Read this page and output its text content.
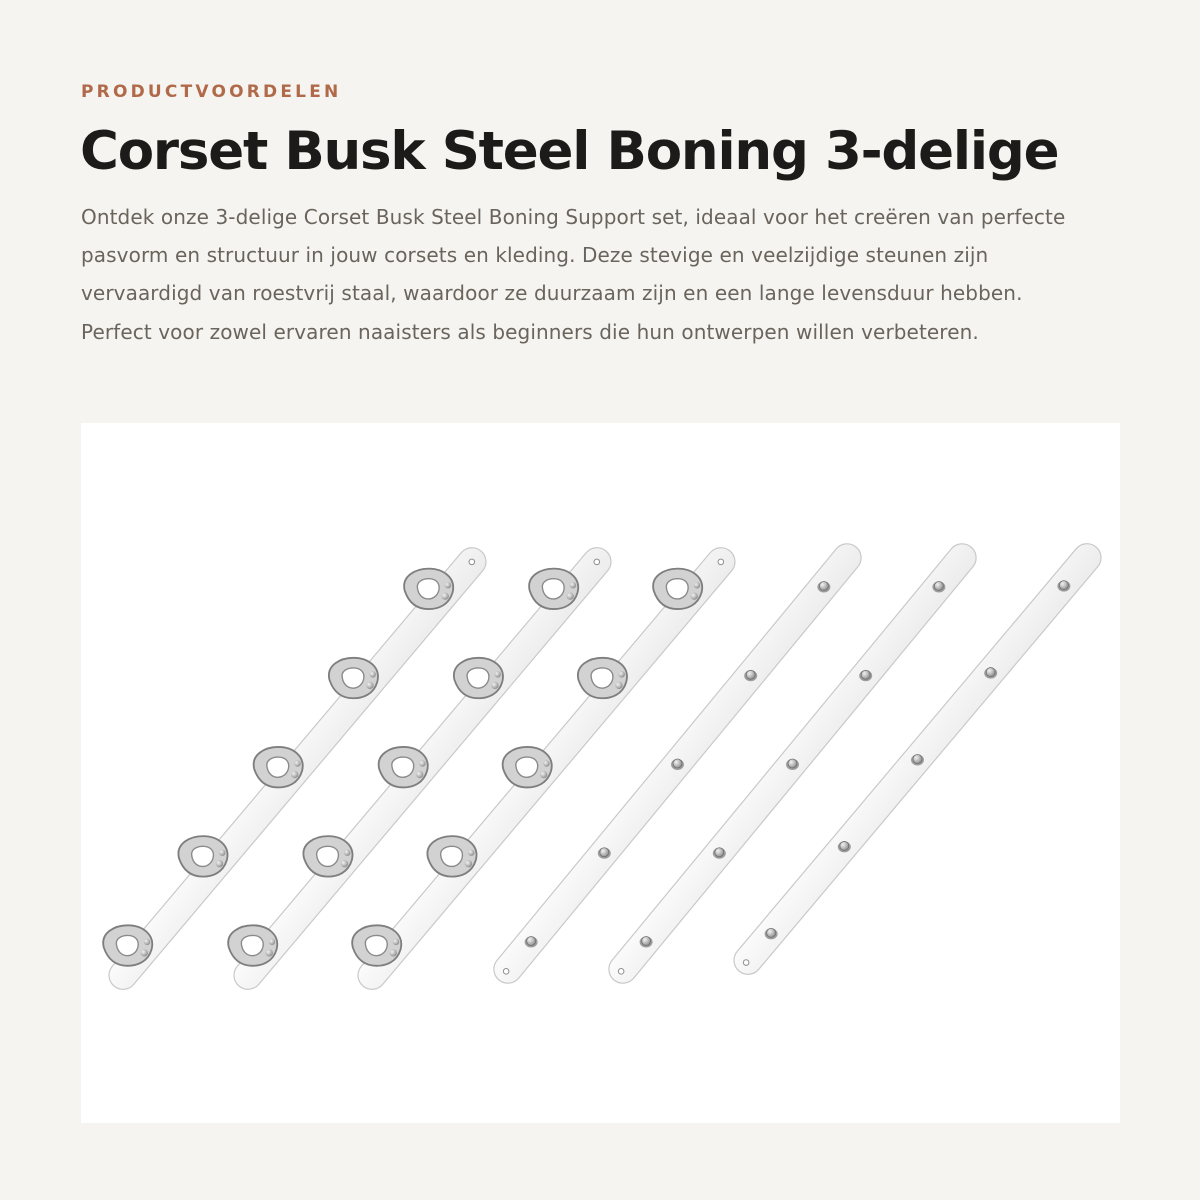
PRODUCTVOORDELEN

Corset Busk Steel Boning 3-delige

Ontdek onze 3-delige Corset Busk Steel Boning Support set, ideaal voor het creëren van perfecte pasvorm en structuur in jouw corsets en kleding. Deze stevige en veelzijdige steunen zijn vervaardigd van roestvrij staal, waardoor ze duurzaam zijn en een lange levensduur hebben. Perfect voor zowel ervaren naaisters als beginners die hun ontwerpen willen verbeteren.
